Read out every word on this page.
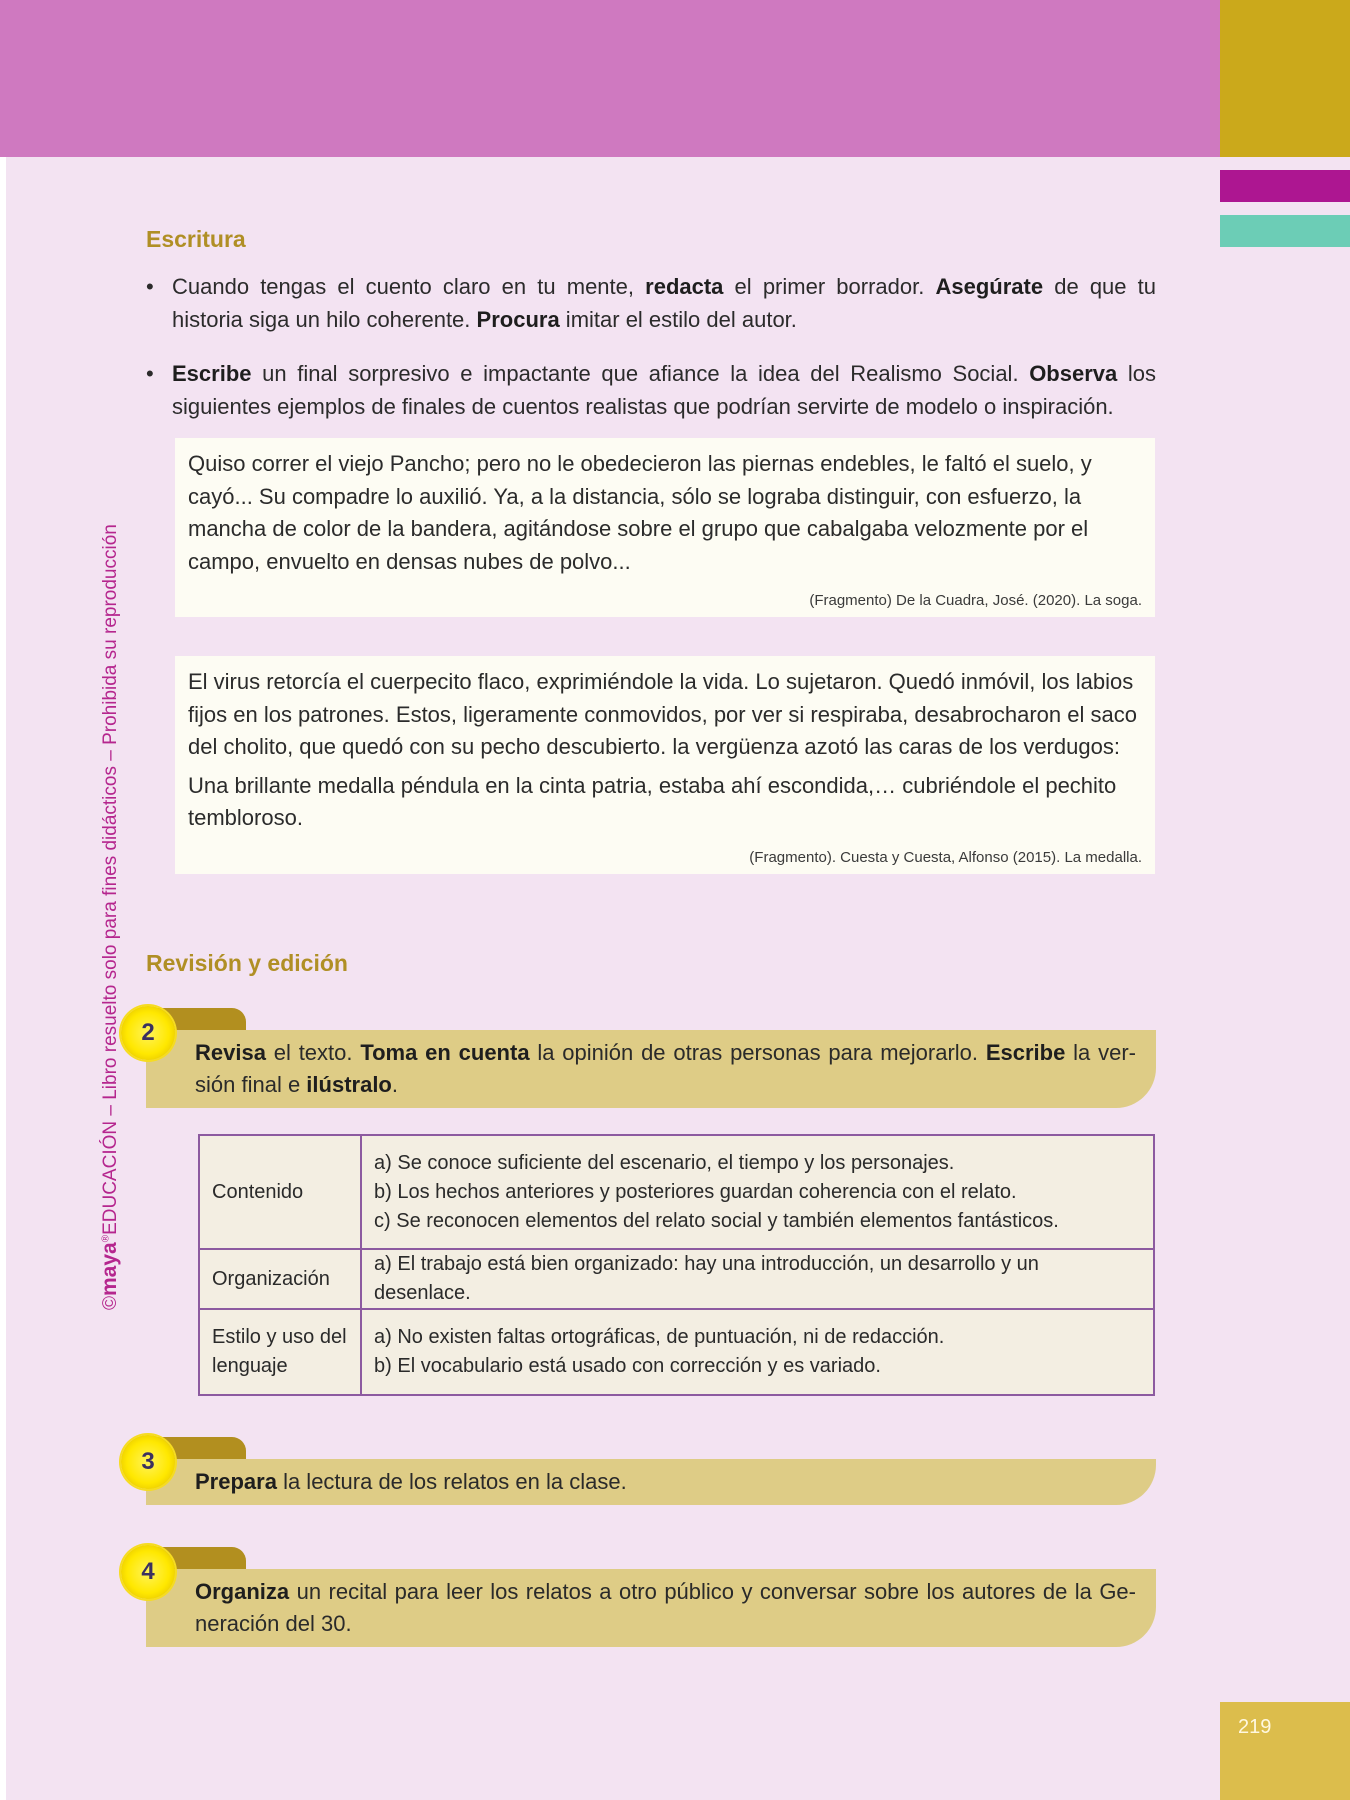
©maya®EDUCACIÓN – Libro resuelto solo para fines didácticos – Prohibida su reproducción
Escritura
• Cuando tengas el cuento claro en tu mente, redacta el primer borrador. Asegúrate de que tu historia siga un hilo coherente. Procura imitar el estilo del autor.
• Escribe un final sorpresivo e impactante que afiance la idea del Realismo Social. Observa los siguientes ejemplos de finales de cuentos realistas que podrían servirte de modelo o inspiración.

Quiso correr el viejo Pancho; pero no le obedecieron las piernas endebles, le faltó el suelo, y cayó... Su compadre lo auxilió. Ya, a la distancia, sólo se lograba distinguir, con esfuerzo, la mancha de color de la bandera, agitándose sobre el grupo que cabalgaba velozmente por el campo, envuelto en densas nubes de polvo...

(Fragmento) De la Cuadra, José. (2020). La soga.

El virus retorcía el cuerpecito flaco, exprimiéndole la vida. Lo sujetaron. Quedó inmóvil, los labios fijos en los patrones. Estos, ligeramente conmovidos, por ver si respiraba, desabrocharon el saco del cholito, que quedó con su pecho descubierto. la vergüenza azotó las caras de los verdugos:

Una brillante medalla péndula en la cinta patria, estaba ahí escondida,… cubriéndole el pechito tembloroso.

(Fragmento). Cuesta y Cuesta, Alfonso (2015). La medalla.
Revisión y edición
Revisa el texto. Toma en cuenta la opinión de otras personas para mejorarlo. Escribe la ver-sión final e ilústralo.
2
Contenido	a) Se conoce suficiente del escenario, el tiempo y los personajes.
b) Los hechos anteriores y posteriores guardan coherencia con el relato.
c) Se reconocen elementos del relato social y también elementos fantásticos.

Organización	a) El trabajo está bien organizado: hay una introducción, un desarrollo y un desenlace.

Estilo y uso del lenguaje	a) No existen faltas ortográficas, de puntuación, ni de redacción.
b) El vocabulario está usado con corrección y es variado.
Prepara la lectura de los relatos en la clase.
3
Organiza un recital para leer los relatos a otro público y conversar sobre los autores de la Ge-neración del 30.
4
219
